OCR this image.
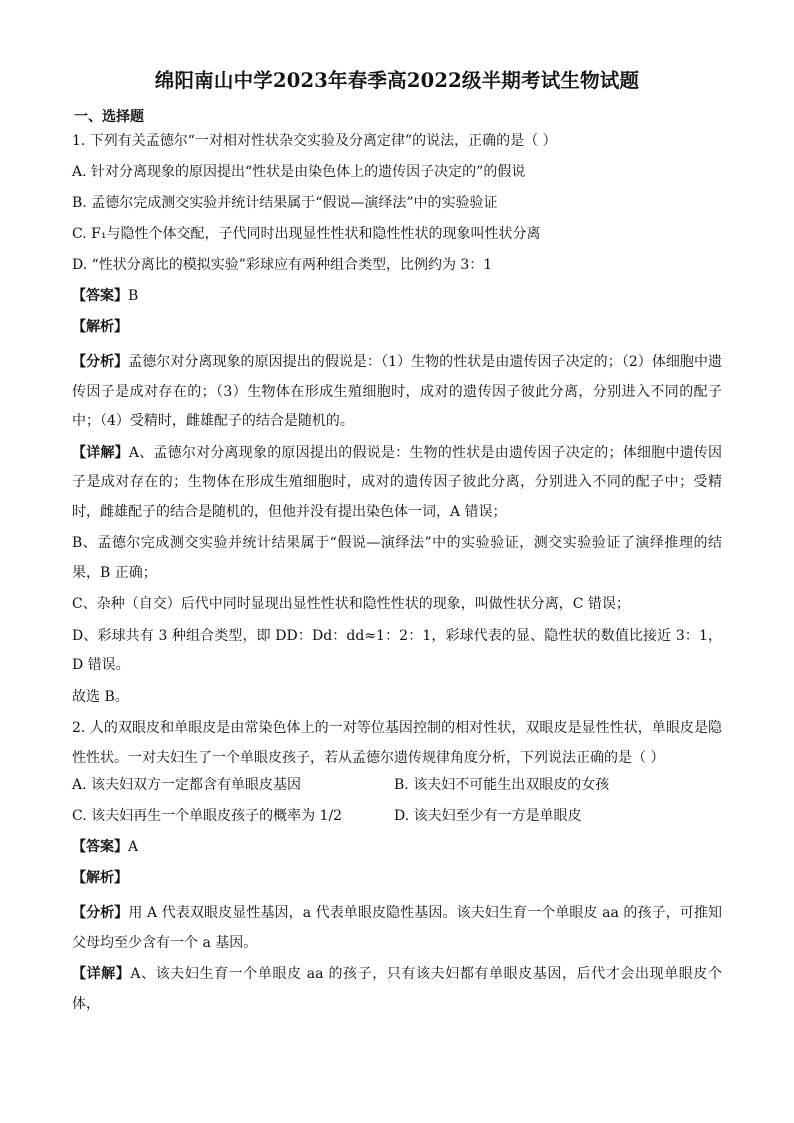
绵阳南山中学2023年春季高2022级半期考试生物试题
一、选择题
1. 下列有关孟德尔“一对相对性状杂交实验及分离定律”的说法，正确的是（ ）
A. 针对分离现象的原因提出“性状是由染色体上的遗传因子决定的”的假说
B. 孟德尔完成测交实验并统计结果属于“假说—演绎法”中的实验验证
C. F₁与隐性个体交配，子代同时出现显性性状和隐性性状的现象叫性状分离
D. “性状分离比的模拟实验”彩球应有两种组合类型，比例约为 3：1
【答案】B
【解析】
【分析】孟德尔对分离现象的原因提出的假说是：（1）生物的性状是由遗传因子决定的；（2）体细胞中遗传因子是成对存在的；（3）生物体在形成生殖细胞时，成对的遗传因子彼此分离，分别进入不同的配子中；（4）受精时，雌雄配子的结合是随机的。
【详解】A、孟德尔对分离现象的原因提出的假说是：生物的性状是由遗传因子决定的；体细胞中遗传因子是成对存在的；生物体在形成生殖细胞时，成对的遗传因子彼此分离，分别进入不同的配子中；受精时，雌雄配子的结合是随机的，但他并没有提出染色体一词，A 错误；
B、孟德尔完成测交实验并统计结果属于“假说—演绎法”中的实验验证，测交实验验证了演绎推理的结果，B 正确；
C、杂种（自交）后代中同时显现出显性性状和隐性性状的现象，叫做性状分离，C 错误；
D、彩球共有 3 种组合类型，即 DD：Dd：dd≈1：2：1，彩球代表的显、隐性状的数值比接近 3：1，D 错误。
故选 B。
2. 人的双眼皮和单眼皮是由常染色体上的一对等位基因控制的相对性状，双眼皮是显性性状，单眼皮是隐性性状。一对夫妇生了一个单眼皮孩子，若从孟德尔遗传规律角度分析，下列说法正确的是（ ）
A. 该夫妇双方一定都含有单眼皮基因	B. 该夫妇不可能生出双眼皮的女孩
C. 该夫妇再生一个单眼皮孩子的概率为 1/2	D. 该夫妇至少有一方是单眼皮
【答案】A
【解析】
【分析】用 A 代表双眼皮显性基因，a 代表单眼皮隐性基因。该夫妇生育一个单眼皮 aa 的孩子，可推知父母均至少含有一个 a 基因。
【详解】A、该夫妇生育一个单眼皮 aa 的孩子，只有该夫妇都有单眼皮基因，后代才会出现单眼皮个体，
